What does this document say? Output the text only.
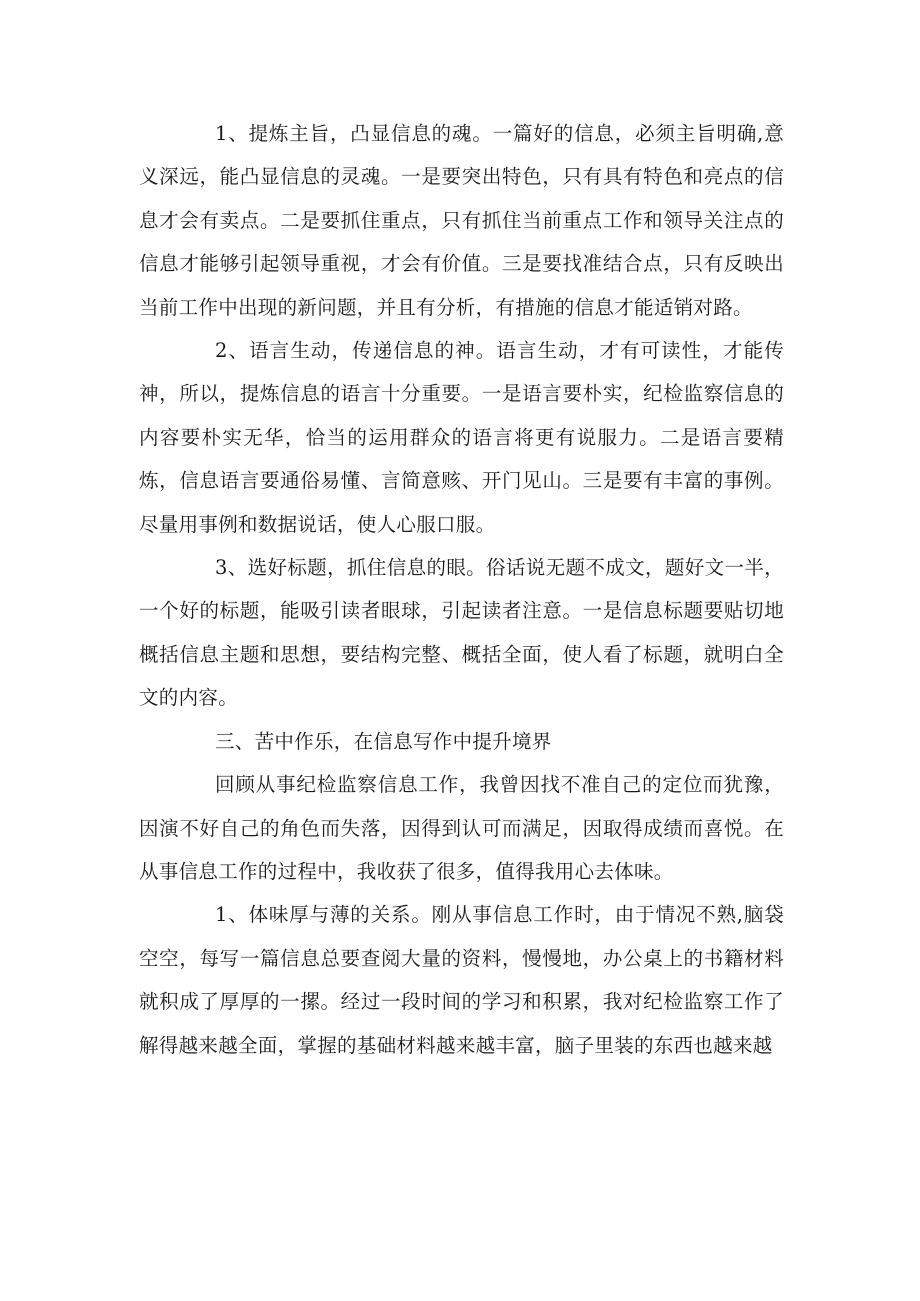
1、提炼主旨，凸显信息的魂。一篇好的信息，必须主旨明确,意义深远，能凸显信息的灵魂。一是要突出特色，只有具有特色和亮点的信息才会有卖点。二是要抓住重点，只有抓住当前重点工作和领导关注点的信息才能够引起领导重视，才会有价值。三是要找准结合点，只有反映出当前工作中出现的新问题，并且有分析，有措施的信息才能适销对路。

2、语言生动，传递信息的神。语言生动，才有可读性，才能传神，所以，提炼信息的语言十分重要。一是语言要朴实，纪检监察信息的内容要朴实无华，恰当的运用群众的语言将更有说服力。二是语言要精炼，信息语言要通俗易懂、言简意赅、开门见山。三是要有丰富的事例。尽量用事例和数据说话，使人心服口服。

3、选好标题，抓住信息的眼。俗话说无题不成文，题好文一半，一个好的标题，能吸引读者眼球，引起读者注意。一是信息标题要贴切地概括信息主题和思想，要结构完整、概括全面，使人看了标题，就明白全文的内容。

三、苦中作乐，在信息写作中提升境界

回顾从事纪检监察信息工作，我曾因找不准自己的定位而犹豫，因演不好自己的角色而失落，因得到认可而满足，因取得成绩而喜悦。在从事信息工作的过程中，我收获了很多，值得我用心去体味。

1、体味厚与薄的关系。刚从事信息工作时，由于情况不熟,脑袋空空，每写一篇信息总要查阅大量的资料，慢慢地，办公桌上的书籍材料就积成了厚厚的一摞。经过一段时间的学习和积累，我对纪检监察工作了解得越来越全面，掌握的基础材料越来越丰富，脑子里装的东西也越来越
